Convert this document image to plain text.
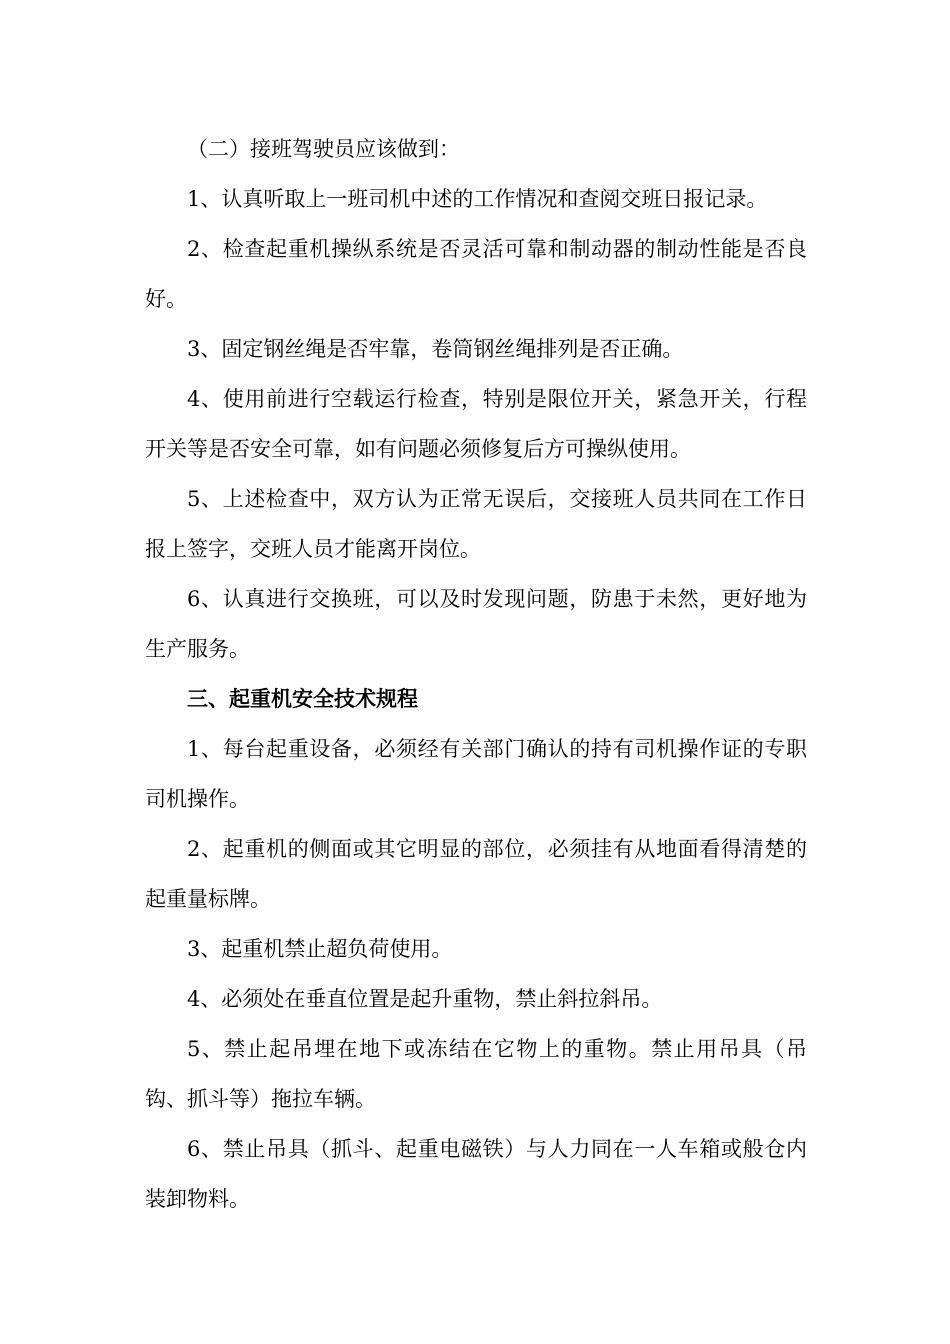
（二）接班驾驶员应该做到：

1、认真听取上一班司机中述的工作情况和查阅交班日报记录。

2、检查起重机操纵系统是否灵活可靠和制动器的制动性能是否良好。

3、固定钢丝绳是否牢靠，卷筒钢丝绳排列是否正确。

4、使用前进行空载运行检查，特别是限位开关，紧急开关，行程开关等是否安全可靠，如有问题必须修复后方可操纵使用。

5、上述检查中，双方认为正常无误后，交接班人员共同在工作日报上签字，交班人员才能离开岗位。

6、认真进行交换班，可以及时发现问题，防患于未然，更好地为生产服务。

三、起重机安全技术规程

1、每台起重设备，必须经有关部门确认的持有司机操作证的专职司机操作。

2、起重机的侧面或其它明显的部位，必须挂有从地面看得清楚的起重量标牌。

3、起重机禁止超负荷使用。

4、必须处在垂直位置是起升重物，禁止斜拉斜吊。

5、禁止起吊埋在地下或冻结在它物上的重物。禁止用吊具（吊钩、抓斗等）拖拉车辆。

6、禁止吊具（抓斗、起重电磁铁）与人力同在一人车箱或般仓内装卸物料。
